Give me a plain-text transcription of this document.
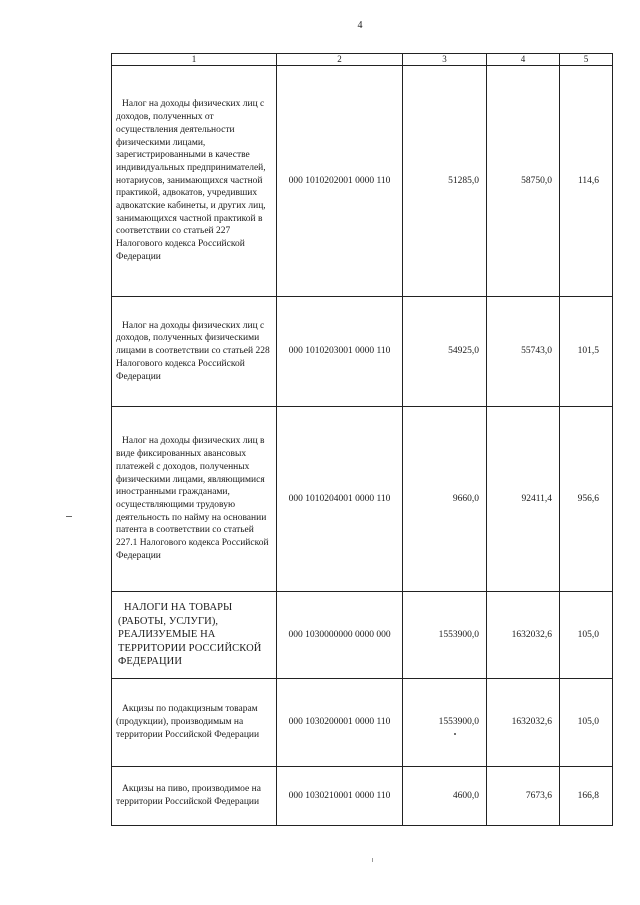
4
1	2	3	4	5

Налог на доходы физических лиц с доходов, полученных от осуществления деятельности физическими лицами, зарегистрированными в качестве индивидуальных предпринимателей, нотариусов, занимающихся частной практикой, адвокатов, учредивших адвокатские кабинеты, и других лиц, занимающихся частной практикой в соответствии со статьей 227 Налогового кодекса Российской Федерации	000 1010202001 0000 110	51285,0	58750,0	114,6

Налог на доходы физических лиц с доходов, полученных физическими лицами в соответствии со статьей 228 Налогового кодекса Российской Федерации	000 1010203001 0000 110	54925,0	55743,0	101,5

Налог на доходы физических лиц в виде фиксированных авансовых платежей с доходов, полученных физическими лицами, являющимися иностранными гражданами, осуществляющими трудовую деятельность по найму на основании патента в соответствии со статьей 227.1 Налогового кодекса Российской Федерации	000 1010204001 0000 110	9660,0	92411,4	956,6

НАЛОГИ НА ТОВАРЫ (РАБОТЫ, УСЛУГИ), РЕАЛИЗУЕМЫЕ НА ТЕРРИТОРИИ РОССИЙСКОЙ ФЕДЕРАЦИИ	000 1030000000 0000 000	1553900,0	1632032,6	105,0

Акцизы по подакцизным товарам (продукции), производимым на территории Российской Федерации	000 1030200001 0000 110	1553900,0	1632032,6	105,0

Акцизы на пиво, производимое на территории Российской Федерации	000 1030210001 0000 110	4600,0	7673,6	166,8
